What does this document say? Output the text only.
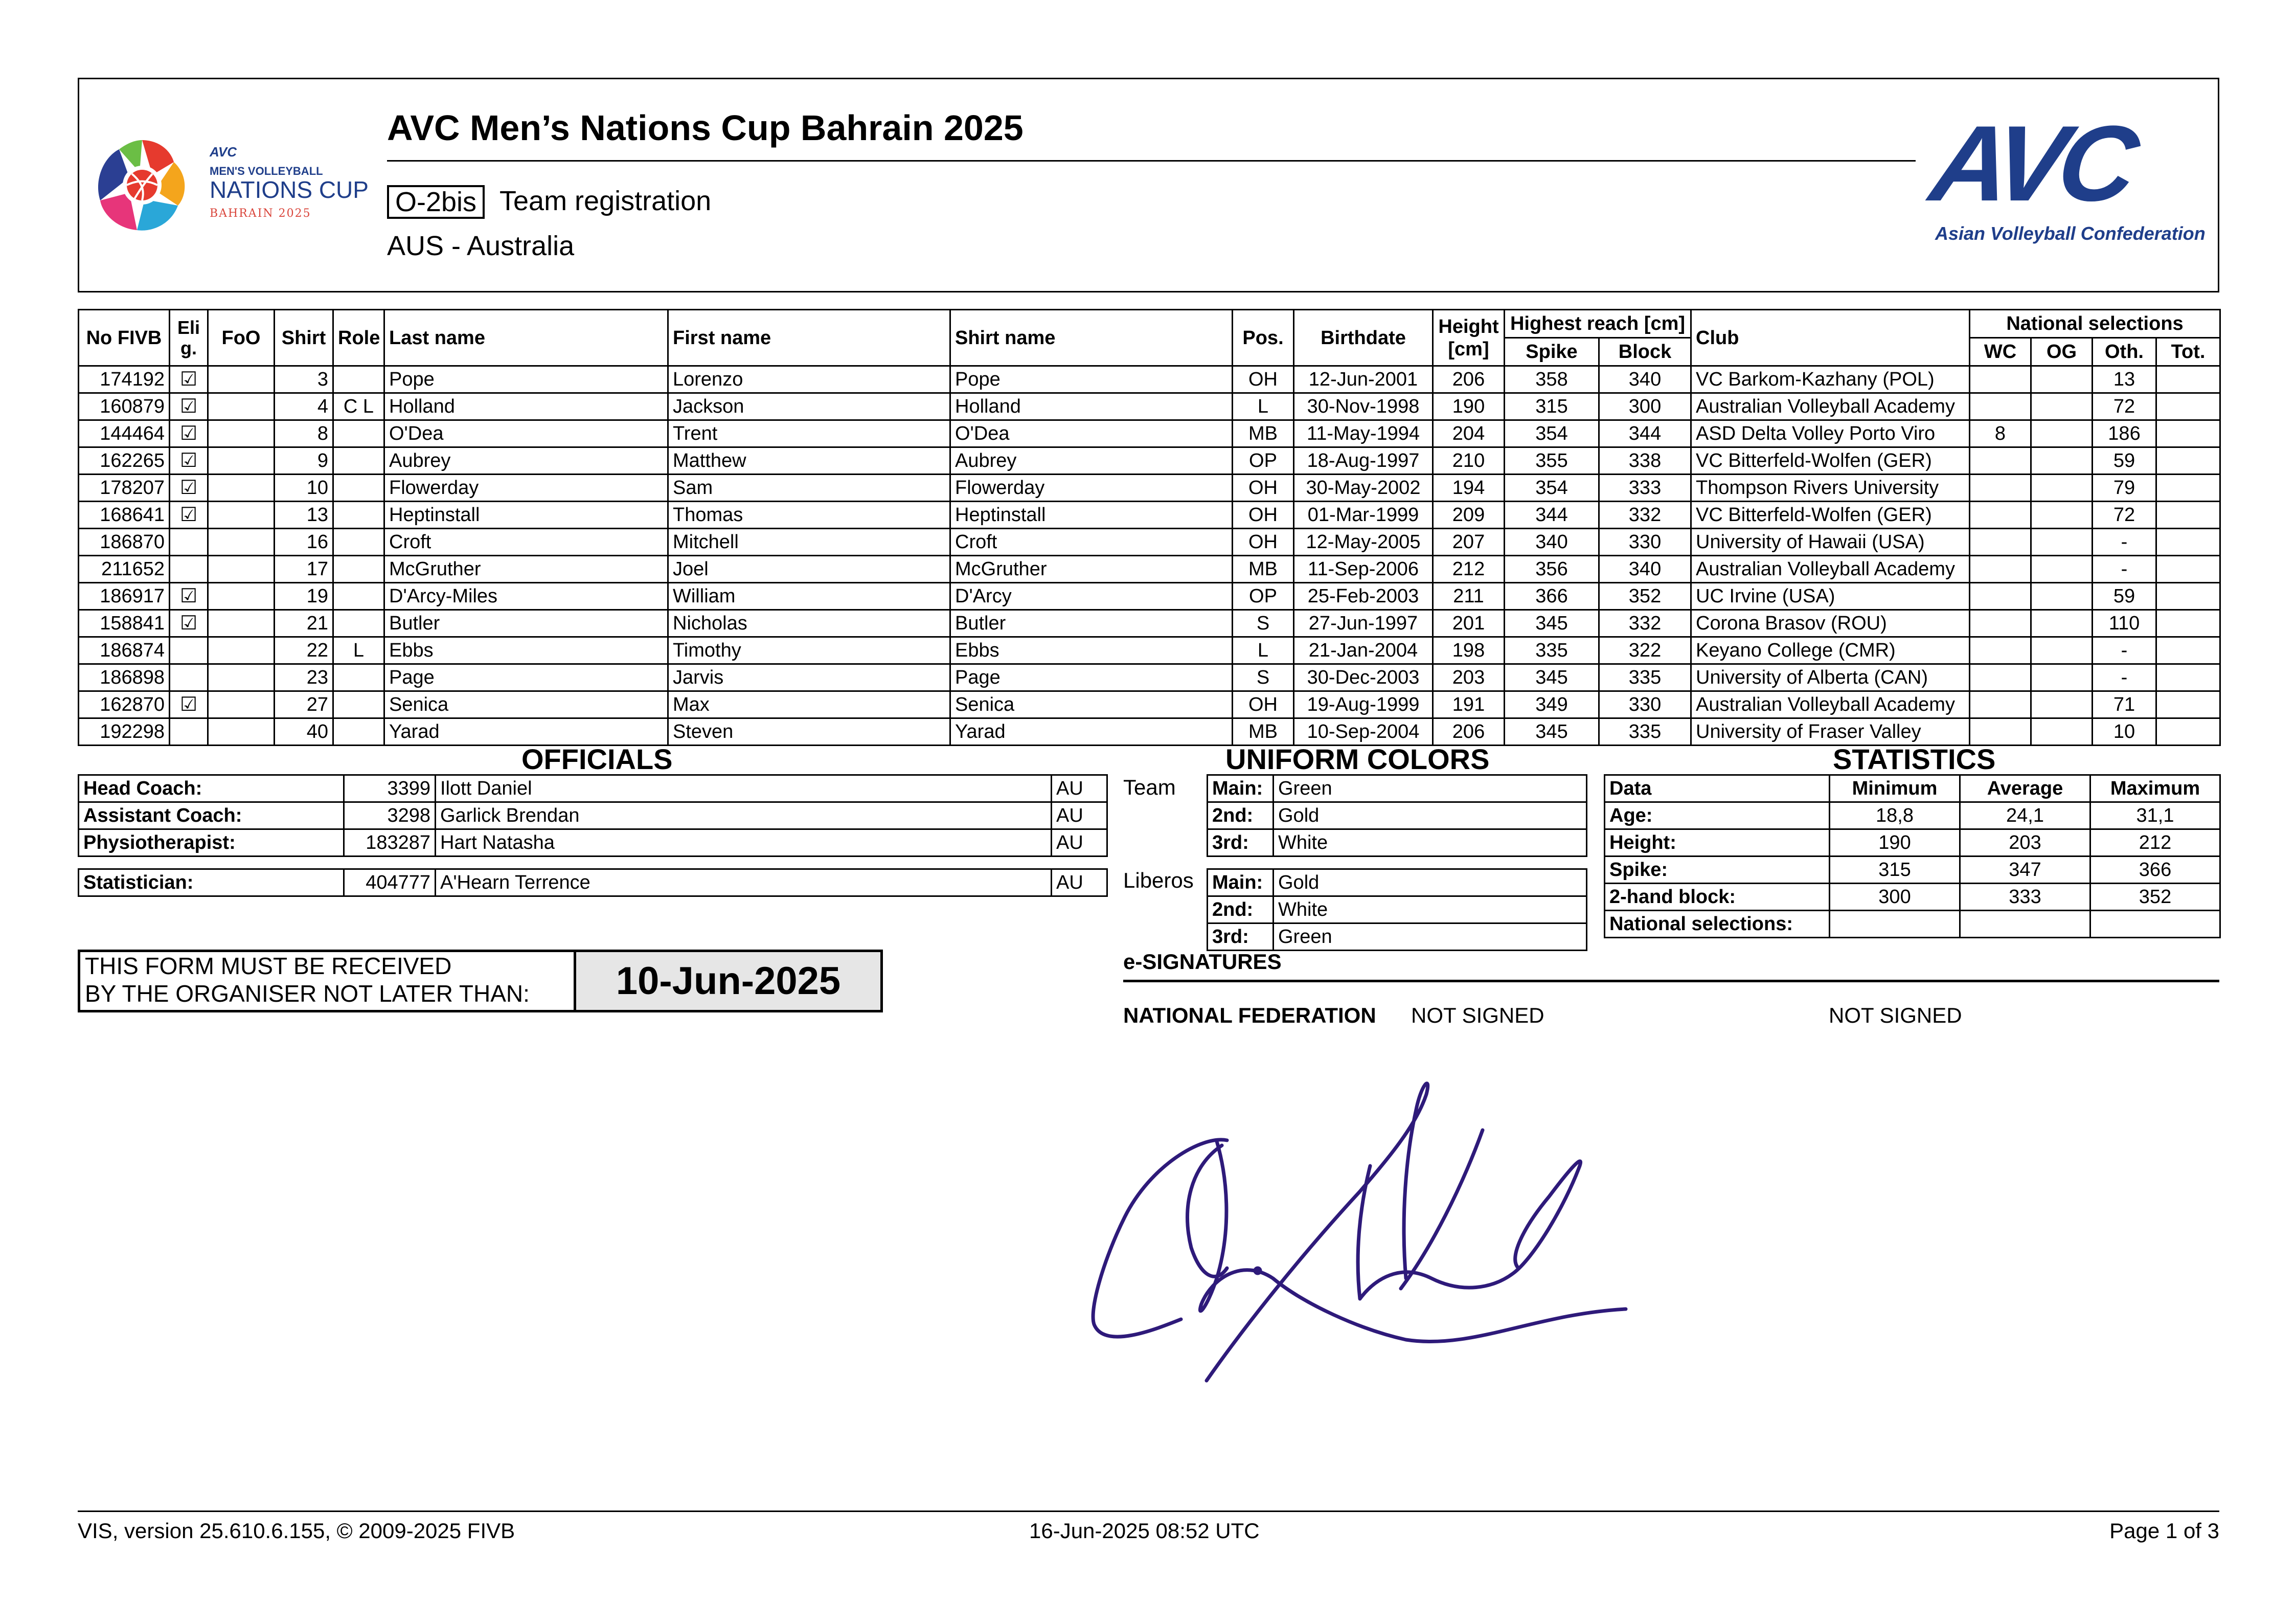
AVC
MEN'S VOLLEYBALL
NATIONS CUP
BAHRAIN 2025
AVC Men’s Nations Cup Bahrain 2025
O-2bis Team registration
AUS - Australia
AVC
Asian Volleyball Confederation
No FIVB	Eli g.	FoO	Shirt	Role	Last name	First name	Shirt name	Pos.	Birthdate	Height [cm]	Highest reach [cm]		Club	National selections			
											Spike	Block		WC	OG	Oth.	Tot.
174192	☑		3		Pope	Lorenzo	Pope	OH	12-Jun-2001	206	358	340	VC Barkom-Kazhany (POL)			13	
160879	☑		4	C L	Holland	Jackson	Holland	L	30-Nov-1998	190	315	300	Australian Volleyball Academy			72	
144464	☑		8		O'Dea	Trent	O'Dea	MB	11-May-1994	204	354	344	ASD Delta Volley Porto Viro	8		186	
162265	☑		9		Aubrey	Matthew	Aubrey	OP	18-Aug-1997	210	355	338	VC Bitterfeld-Wolfen (GER)			59	
178207	☑		10		Flowerday	Sam	Flowerday	OH	30-May-2002	194	354	333	Thompson Rivers University			79	
168641	☑		13		Heptinstall	Thomas	Heptinstall	OH	01-Mar-1999	209	344	332	VC Bitterfeld-Wolfen (GER)			72	
186870			16		Croft	Mitchell	Croft	OH	12-May-2005	207	340	330	University of Hawaii (USA)			-	
211652			17		McGruther	Joel	McGruther	MB	11-Sep-2006	212	356	340	Australian Volleyball Academy			-	
186917	☑		19		D'Arcy-Miles	William	D'Arcy	OP	25-Feb-2003	211	366	352	UC Irvine (USA)			59	
158841	☑		21		Butler	Nicholas	Butler	S	27-Jun-1997	201	345	332	Corona Brasov (ROU)			110	
186874			22	L	Ebbs	Timothy	Ebbs	L	21-Jan-2004	198	335	322	Keyano College (CMR)			-	
186898			23		Page	Jarvis	Page	S	30-Dec-2003	203	345	335	University of Alberta (CAN)			-	
162870	☑		27		Senica	Max	Senica	OH	19-Aug-1999	191	349	330	Australian Volleyball Academy			71	
192298			40		Yarad	Steven	Yarad	MB	10-Sep-2004	206	345	335	University of Fraser Valley			10	
OFFICIALS	UNIFORM COLORS	STATISTICS
Head Coach:	3399	Ilott Daniel	AU
Assistant Coach:	3298	Garlick Brendan	AU
Physiotherapist:	183287	Hart Natasha	AU
Statistician:	404777	A'Hearn Terrence	AU
Team Main:	Green
2nd:	Gold
3rd:	White
Liberos Main:	Gold
2nd:	White
3rd:	Green
Data	Minimum	Average	Maximum
Age:	18,8	24,1	31,1
Height:	190	203	212
Spike:	315	347	366
2-hand block:	300	333	352
National selections:			
THIS FORM MUST BE RECEIVED
BY THE ORGANISER NOT LATER THAN:	10-Jun-2025	e-SIGNATURES
NATIONAL FEDERATION NOT SIGNED	NOT SIGNED
VIS, version 25.610.6.155, © 2009-2025 FIVB	16-Jun-2025 08:52 UTC	Page 1 of 3
